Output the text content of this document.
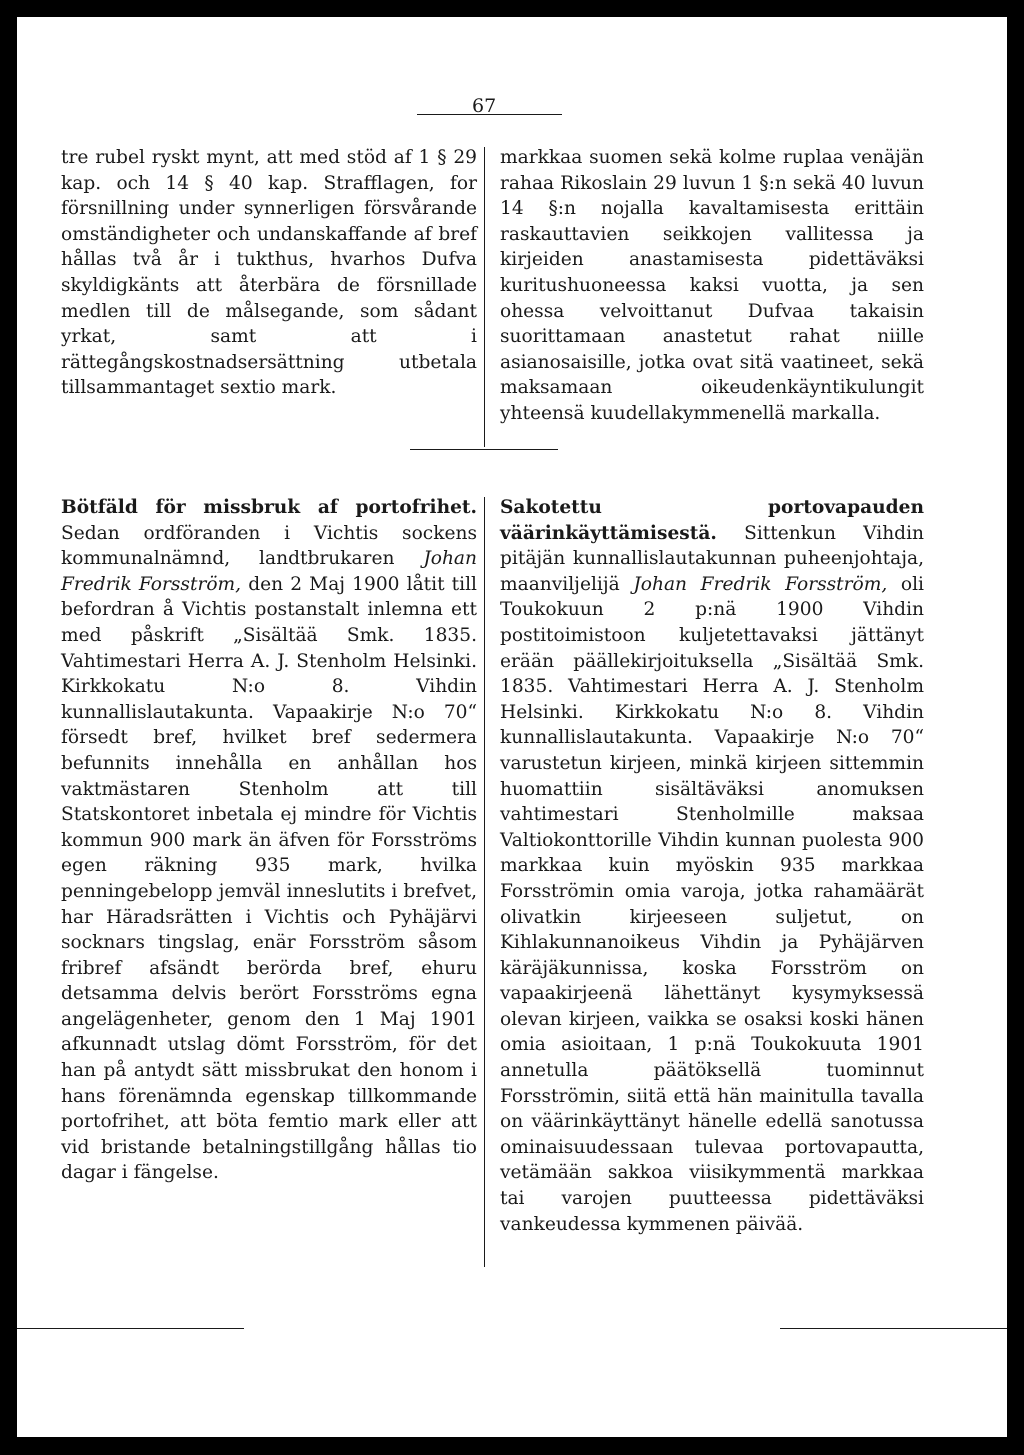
67

tre rubel ryskt mynt, att med stöd af 1 § 29 kap. och 14 § 40 kap. Strafflagen, for försnillning under synnerligen försvårande omständigheter och undanskaffande af bref hållas två år i tukthus, hvarhos Dufva skyldigkänts att återbära de försnillade medlen till de målsegande, som sådant yrkat, samt att i rättegångskostnadsersättning utbetala tillsammantaget sextio mark.

markkaa suomen sekä kolme ruplaa venäjän rahaa Rikoslain 29 luvun 1 §:n sekä 40 luvun 14 §:n nojalla kavaltamisesta erittäin raskauttavien seikkojen vallitessa ja kirjeiden anastamisesta pidettäväksi kuritushuoneessa kaksi vuotta, ja sen ohessa velvoittanut Dufvaa takaisin suorittamaan anastetut rahat niille asianosaisille, jotka ovat sitä vaatineet, sekä maksamaan oikeudenkäyntikulungit yhteensä kuudellakymmenellä markalla.

Bötfäld för missbruk af portofrihet. Sedan ordföranden i Vichtis sockens kommunalnämnd, landtbrukaren Johan Fredrik Forsström, den 2 Maj 1900 låtit till befordran å Vichtis postanstalt inlemna ett med påskrift „Sisältää Smk. 1835. Vahtimestari Herra A. J. Stenholm Helsinki. Kirkkokatu N:o 8. Vihdin kunnallislautakunta. Vapaakirje N:o 70“ försedt bref, hvilket bref sedermera befunnits innehålla en anhållan hos vaktmästaren Stenholm att till Statskontoret inbetala ej mindre för Vichtis kommun 900 mark än äfven för Forsströms egen räkning 935 mark, hvilka penningebelopp jemväl inneslutits i brefvet, har Häradsrätten i Vichtis och Pyhäjärvi socknars tingslag, enär Forsström såsom fribref afsändt berörda bref, ehuru detsamma delvis berört Forsströms egna angelägenheter, genom den 1 Maj 1901 afkunnadt utslag dömt Forsström, för det han på antydt sätt missbrukat den honom i hans förenämnda egenskap tillkommande portofrihet, att böta femtio mark eller att vid bristande betalningstillgång hållas tio dagar i fängelse.

Sakotettu portovapauden väärinkäyttämisestä. Sittenkun Vihdin pitäjän kunnallislautakunnan puheenjohtaja, maanviljelijä Johan Fredrik Forsström, oli Toukokuun 2 p:nä 1900 Vihdin postitoimistoon kuljetettavaksi jättänyt erään päällekirjoituksella „Sisältää Smk. 1835. Vahtimestari Herra A. J. Stenholm Helsinki. Kirkkokatu N:o 8. Vihdin kunnallislautakunta. Vapaakirje N:o 70“ varustetun kirjeen, minkä kirjeen sittemmin huomattiin sisältäväksi anomuksen vahtimestari Stenholmille maksaa Valtiokonttorille Vihdin kunnan puolesta 900 markkaa kuin myöskin 935 markkaa Forsströmin omia varoja, jotka rahamäärät olivatkin kirjeeseen suljetut, on Kihlakunnanoikeus Vihdin ja Pyhäjärven käräjäkunnissa, koska Forsström on vapaakirjeenä lähettänyt kysymyksessä olevan kirjeen, vaikka se osaksi koski hänen omia asioitaan, 1 p:nä Toukokuuta 1901 annetulla päätöksellä tuominnut Forsströmin, siitä että hän mainitulla tavalla on väärinkäyttänyt hänelle edellä sanotussa ominaisuudessaan tulevaa portovapautta, vetämään sakkoa viisikymmentä markkaa tai varojen puutteessa pidettäväksi vankeudessa kymmenen päivää.
